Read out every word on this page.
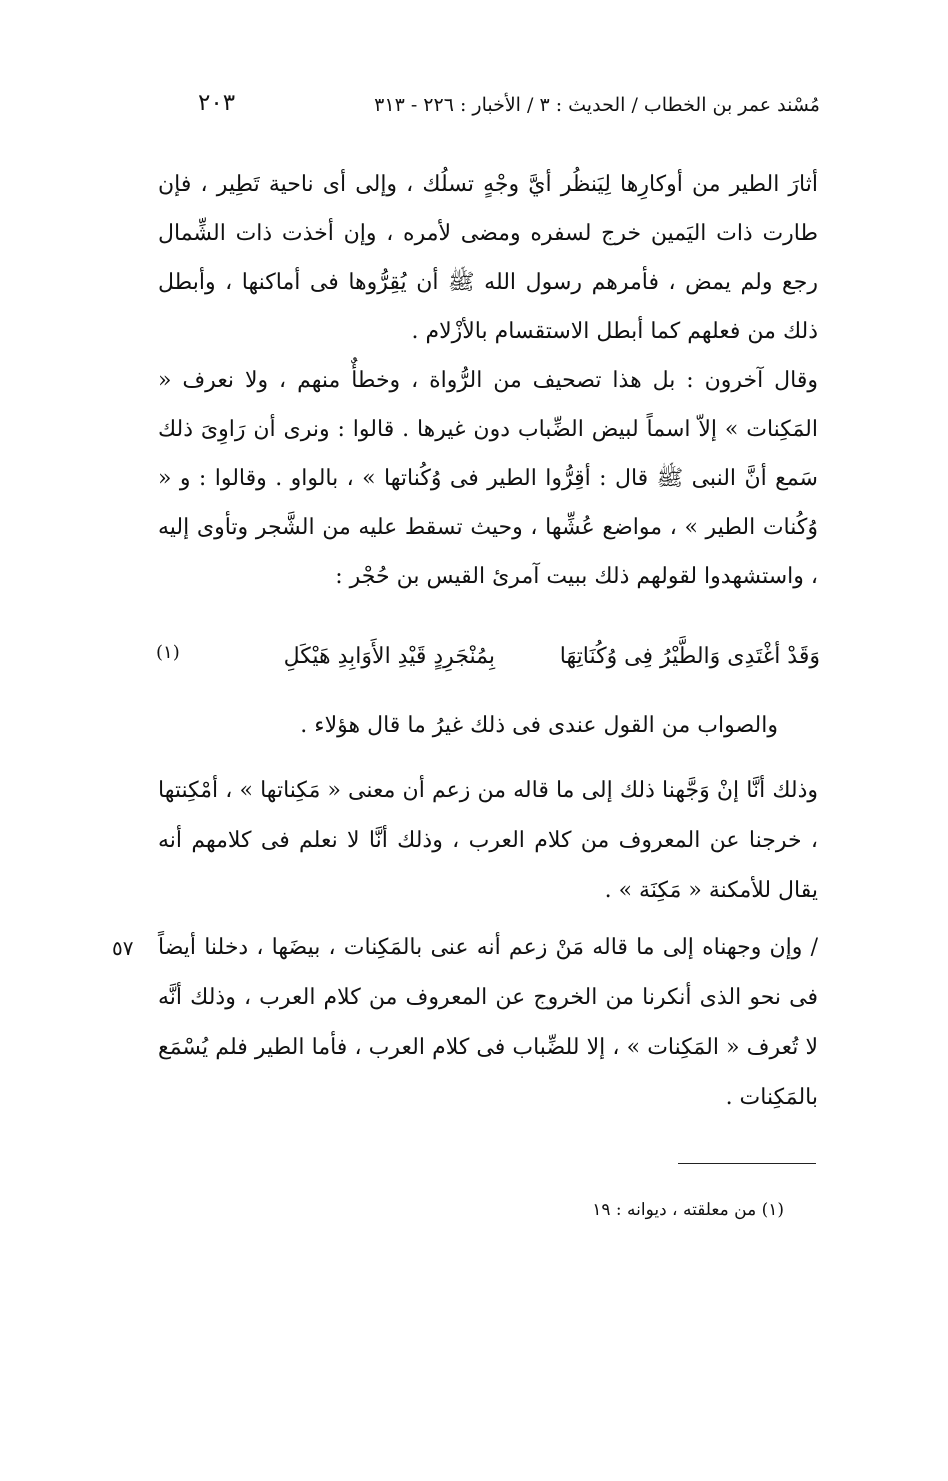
مُسْند عمر بن الخطاب / الحديث : ٣ / الأخبار : ٢٢٦ - ٣١٣
٢٠٣
أثارَ الطير من أوكارِها لِيَنظُر أيَّ وجْهٍ تسلُك ، وإلى أى ناحية تَطِير ، فإن طارت ذات اليَمين خرج لسفره ومضى لأمره ، وإن أخذت ذات الشِّمال رجع ولم يمض ، فأمرهم رسول الله ﷺ أن يُقِرُّوها فى أماكنها ، وأبطل ذلك من فعلهم كما أبطل الاستقسام بالأزْلام .
وقال آخرون : بل هذا تصحيف من الرُّواة ، وخطأٌ منهم ، ولا نعرف « المَكِنات » إلاّ اسماً لبيض الضِّباب دون غيرها . قالوا : ونرى أن رَاوِىَ ذلك سَمع أنَّ النبى ﷺ قال : أقِرُّوا الطير فى وُكُناتها » ، بالواو . وقالوا : و « وُكُنات الطير » ، مواضع عُشِّها ، وحيث تسقط عليه من الشَّجر وتأوى إليه ، واستشهدوا لقولهم ذلك ببيت آمرئ القيس بن حُجْر :
وَقَدْ أغْتَدِى وَالطَّيْرُ فِى وُكُنَاتِهَا
بِمُنْجَرِدٍ قَيْدِ الأَوَابِدِ هَيْكَلِ
(١)
والصواب من القول عندى فى ذلك غيرُ ما قال هؤلاء .
وذلك أنَّا إنْ وَجَّهنا ذلك إلى ما قاله من زعم أن معنى « مَكِناتها » ، أمْكِنتها ، خرجنا عن المعروف من كلام العرب ، وذلك أنَّا لا نعلم فى كلامهم أنه يقال للأمكنة « مَكِنَة » .
/ وإن وجهناه إلى ما قاله مَنْ زعم أنه عنى بالمَكِنات ، بيضَها ، دخلنا أيضاً فى نحو الذى أنكرنا من الخروج عن المعروف من كلام العرب ، وذلك أنَّه لا تُعرف « المَكِنات » ، إلا للضِّباب فى كلام العرب ، فأما الطير فلم يُسْمَع بالمَكِنات .
٥٧
(١) من معلقته ، ديوانه : ١٩
